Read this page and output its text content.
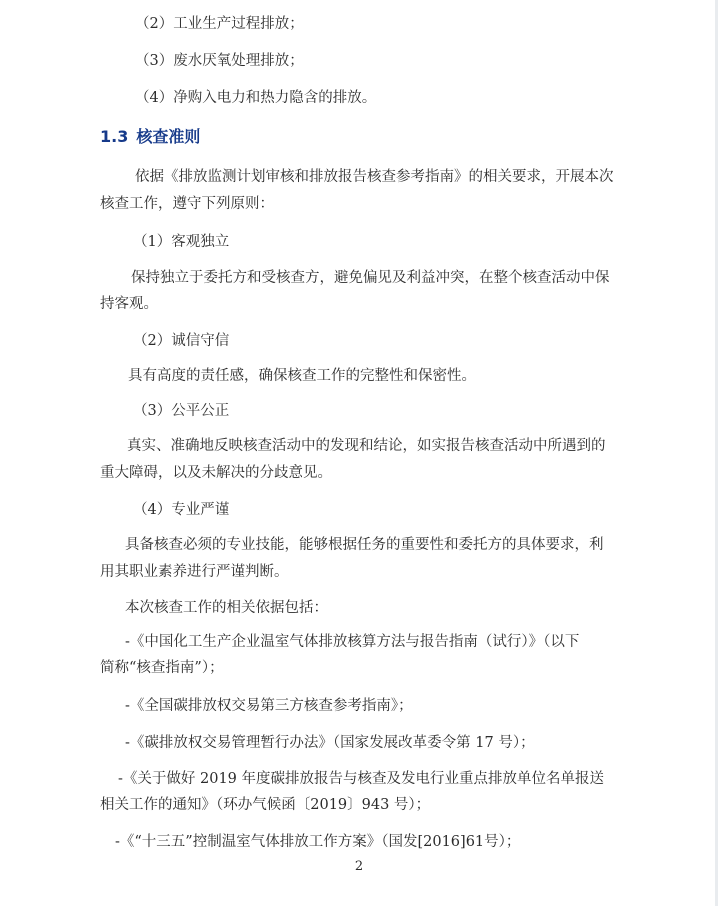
（2）工业生产过程排放；
（3）废水厌氧处理排放；
（4）净购入电力和热力隐含的排放。
1.3 核查准则
依据《排放监测计划审核和排放报告核查参考指南》的相关要求，开展本次
核查工作，遵守下列原则：
（1）客观独立
保持独立于委托方和受核查方，避免偏见及利益冲突，在整个核查活动中保
持客观。
（2）诚信守信
具有高度的责任感，确保核查工作的完整性和保密性。
（3）公平公正
真实、准确地反映核查活动中的发现和结论，如实报告核查活动中所遇到的
重大障碍，以及未解决的分歧意见。
（4）专业严谨
具备核查必须的专业技能，能够根据任务的重要性和委托方的具体要求，利
用其职业素养进行严谨判断。
本次核查工作的相关依据包括：
-《中国化工生产企业温室气体排放核算方法与报告指南（试行）》（以下
简称“核查指南”）；
-《全国碳排放权交易第三方核查参考指南》；
-《碳排放权交易管理暂行办法》（国家发展改革委令第 17 号）；
-《关于做好 2019 年度碳排放报告与核查及发电行业重点排放单位名单报送
相关工作的通知》（环办气候函〔2019〕943 号）；
-《“十三五”控制温室气体排放工作方案》（国发[2016]61号）；
2
